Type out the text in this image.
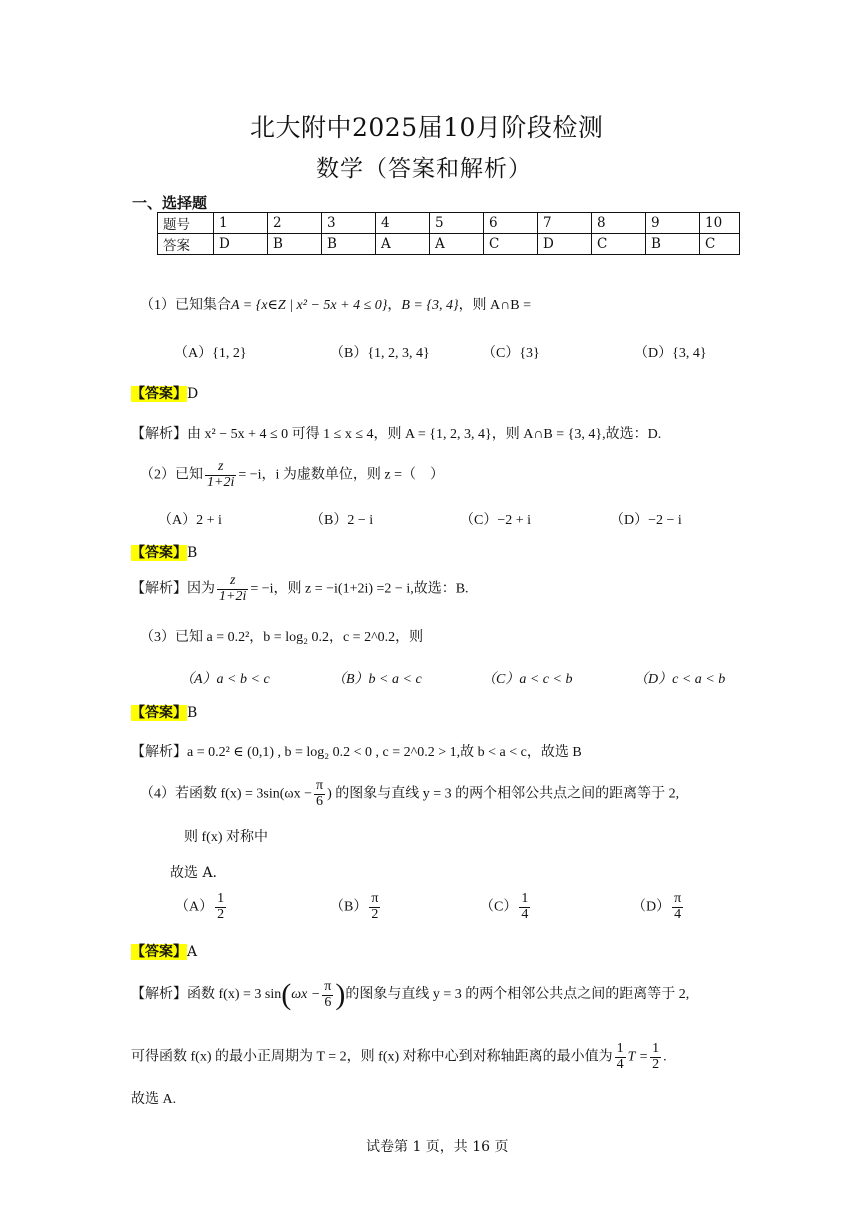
北大附中2025届10月阶段检测
数学（答案和解析）
一、选择题
题号	1	2	3	4	5	6	7	8	9	10
答案	D	B	B	A	A	C	D	C	B	C
（1）已知集合A = {x∈Z | x² − 5x + 4 ≤ 0}，B = {3, 4}，则 A∩B =
（A）{1, 2}	（B）{1, 2, 3, 4}	（C）{3}	（D）{3, 4}
【答案】D
【解析】由 x² − 5x + 4 ≤ 0 可得 1 ≤ x ≤ 4，则 A = {1, 2, 3, 4}，则 A∩B = {3, 4},故选：D.
（2）已知 $\frac{z}{1+2i} = -i$，i 为虚数单位，则 z =（　）
（A）2 + i	（B）2 − i	（C）−2 + i	（D）−2 − i
【答案】B
【解析】因为 $\frac{z}{1+2i} = -i$，则 z = −i(1+2i) =2 − i,故选：B.
（3）已知 a = 0.2²，b = log₂ 0.2，c = 2^0.2，则
（A）a < b < c	（B）b < a < c	（C）a < c < b	（D）c < a < b
【答案】B
【解析】a = 0.2² ∈ (0,1) , b = log₂ 0.2 < 0 , c = 2^0.2 > 1,故 b < a < c，故选 B
（4）若函数 $f(x) = 3\sin(\omega x - \frac{\pi}{6}$ ) 的图象与直线 y = 3 的两个相邻公共点之间的距离等于 2,
则 f(x) 对称中
故选 A.
$(A) \frac{1}{2}$	$(B) \frac{\pi}{2}$	$(C) \frac{1}{4}$	$(D) \frac{\pi}{4}$
【答案】A
【解析】函数 f(x) = 3 $\sin(\omega x - \frac{\pi}{6}$ )的图象与直线 y = 3 的两个相邻公共点之间的距离等于 2,
可得函数 f(x) 的最小正周期为 T = 2，则 f(x) 对称中心到对称轴距离的最小值为 $\frac{1}{4}$ $T = \frac{1}{2}$ .
故选 A.
试卷第 1 页，共 16 页
